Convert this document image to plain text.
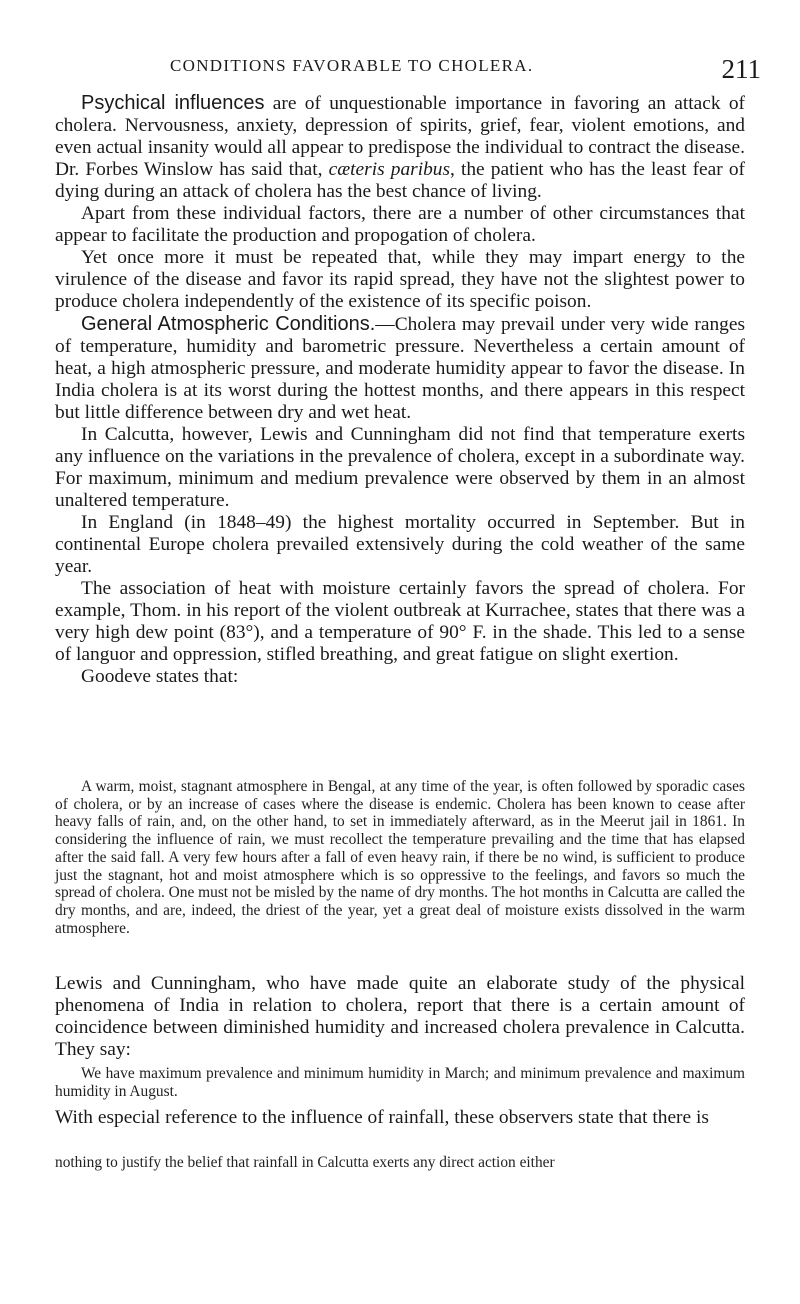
CONDITIONS FAVORABLE TO CHOLERA.	211

Psychical influences are of unquestionable importance in favoring an attack of cholera. Nervousness, anxiety, depression of spirits, grief, fear, violent emotions, and even actual insanity would all appear to predispose the individual to contract the disease. Dr. Forbes Winslow has said that, cæteris paribus, the patient who has the least fear of dying during an attack of cholera has the best chance of living.

Apart from these individual factors, there are a number of other circumstances that appear to facilitate the production and propogation of cholera.

Yet once more it must be repeated that, while they may impart energy to the virulence of the disease and favor its rapid spread, they have not the slightest power to produce cholera independently of the existence of its specific poison.

General Atmospheric Conditions.—Cholera may prevail under very wide ranges of temperature, humidity and barometric pressure. Nevertheless a certain amount of heat, a high atmospheric pressure, and moderate humidity appear to favor the disease. In India cholera is at its worst during the hottest months, and there appears in this respect but little difference between dry and wet heat.

In Calcutta, however, Lewis and Cunningham did not find that temperature exerts any influence on the variations in the prevalence of cholera, except in a subordinate way. For maximum, minimum and medium prevalence were observed by them in an almost unaltered temperature.

In England (in 1848–49) the highest mortality occurred in September. But in continental Europe cholera prevailed extensively during the cold weather of the same year.

The association of heat with moisture certainly favors the spread of cholera. For example, Thom. in his report of the violent outbreak at Kurrachee, states that there was a very high dew point (83°), and a temperature of 90° F. in the shade. This led to a sense of languor and oppression, stifled breathing, and great fatigue on slight exertion.

Goodeve states that:

A warm, moist, stagnant atmosphere in Bengal, at any time of the year, is often followed by sporadic cases of cholera, or by an increase of cases where the disease is endemic. Cholera has been known to cease after heavy falls of rain, and, on the other hand, to set in immediately afterward, as in the Meerut jail in 1861. In considering the influence of rain, we must recollect the temperature prevailing and the time that has elapsed after the said fall. A very few hours after a fall of even heavy rain, if there be no wind, is sufficient to produce just the stagnant, hot and moist atmosphere which is so oppressive to the feelings, and favors so much the spread of cholera. One must not be misled by the name of dry months. The hot months in Calcutta are called the dry months, and are, indeed, the driest of the year, yet a great deal of moisture exists dissolved in the warm atmosphere.

Lewis and Cunningham, who have made quite an elaborate study of the physical phenomena of India in relation to cholera, report that there is a certain amount of coincidence between diminished humidity and increased cholera prevalence in Calcutta. They say:

We have maximum prevalence and minimum humidity in March; and minimum prevalence and maximum humidity in August.

With especial reference to the influence of rainfall, these observers state that there is

nothing to justify the belief that rainfall in Calcutta exerts any direct action either
